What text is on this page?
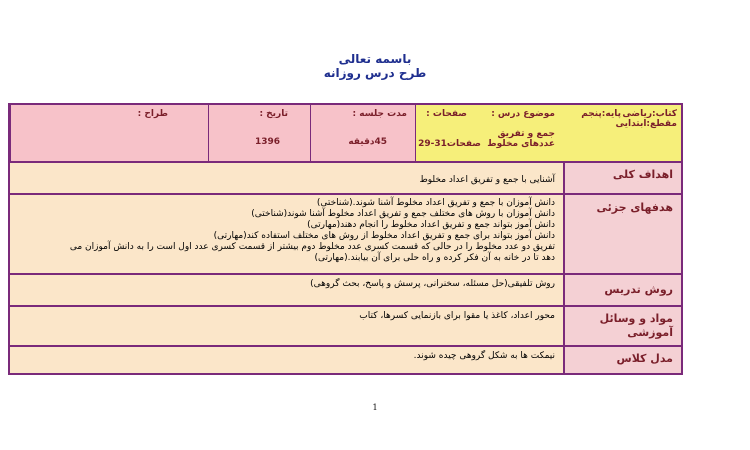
باسمه تعالی
طرح درس روزانه
کتاب:ریاضی
پایه:پنجم
مقطع:ابتدایی
موضوع درس :
صفحات :
جمع و تفریق
عددهای مخلوط
صفحات31-29
مدت جلسه :
45دقیقه
تاریخ :
1396
طراح :
اهداف کلی
آشنایی با جمع و تفریق اعداد مخلوط
هدفهای جزئی

دانش آموزان با جمع و تفریق اعداد مخلوط آشنا شوند.(شناختی)

دانش آموزان با روش های مختلف جمع و تفریق اعداد مخلوط آشنا شوند(شناختی)

دانش آموز بتواند جمع و تفریق اعداد مخلوط را انجام دهند(مهارتی)

دانش آموز بتواند برای جمع و تفریق اعداد مخلوط از روش های مختلف استفاده کند(مهارتی)

تفریق دو عدد مخلوط را در حالی که قسمت کسری عدد مخلوط دوم بیشتر از قسمت کسری عدد اول است را به دانش آموزان می

دهد تا در خانه به آن فکر کرده و راه حلی برای آن بیابند.(مهارتی)

روش تدریس
روش تلفیقی(حل مسئله، سخنرانی، پرسش و پاسخ، بحث گروهی)
مواد و وسائل آموزشی
محور اعداد، کاغذ یا مقوا برای بازنمایی کسرها، کتاب
مدل کلاس
نیمکت ها به شکل گروهی چیده شوند.
1
